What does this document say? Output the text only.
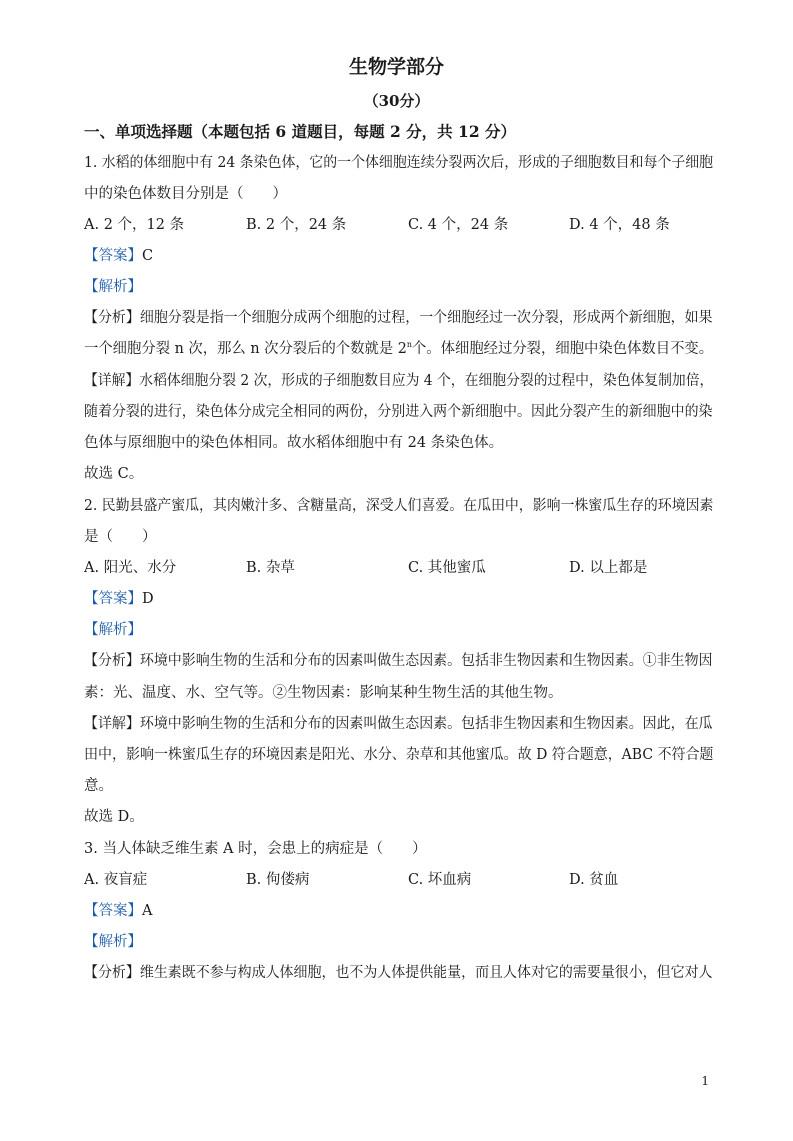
生物学部分
（30分）
一、单项选择题（本题包括 6 道题目，每题 2 分，共 12 分）
1. 水稻的体细胞中有 24 条染色体，它的一个体细胞连续分裂两次后，形成的子细胞数目和每个子细胞
中的染色体数目分别是（　　）
A. 2 个，12 条	B. 2 个，24 条	C. 4 个，24 条	D. 4 个，48 条
【答案】C
【解析】
【分析】细胞分裂是指一个细胞分成两个细胞的过程，一个细胞经过一次分裂，形成两个新细胞，如果
一个细胞分裂 n 次，那么 n 次分裂后的个数就是 2$^n$个。体细胞经过分裂，细胞中染色体数目不变。
【详解】水稻体细胞分裂 2 次，形成的子细胞数目应为 4 个，在细胞分裂的过程中，染色体复制加倍，
随着分裂的进行，染色体分成完全相同的两份，分别进入两个新细胞中。因此分裂产生的新细胞中的染
色体与原细胞中的染色体相同。故水稻体细胞中有 24 条染色体。
故选 C。
2. 民勤县盛产蜜瓜，其肉嫩汁多、含糖量高，深受人们喜爱。在瓜田中，影响一株蜜瓜生存的环境因素
是（　　）
A. 阳光、水分	B. 杂草	C. 其他蜜瓜	D. 以上都是
【答案】D
【解析】
【分析】环境中影响生物的生活和分布的因素叫做生态因素。包括非生物因素和生物因素。①非生物因
素：光、温度、水、空气等。②生物因素：影响某种生物生活的其他生物。
【详解】环境中影响生物的生活和分布的因素叫做生态因素。包括非生物因素和生物因素。因此，在瓜
田中，影响一株蜜瓜生存的环境因素是阳光、水分、杂草和其他蜜瓜。故 D 符合题意，ABC 不符合题
意。
故选 D。
3. 当人体缺乏维生素 A 时，会患上的病症是（　　）
A. 夜盲症	B. 佝偻病	C. 坏血病	D. 贫血
【答案】A
【解析】
【分析】维生素既不参与构成人体细胞，也不为人体提供能量，而且人体对它的需要量很小，但它对人
1
